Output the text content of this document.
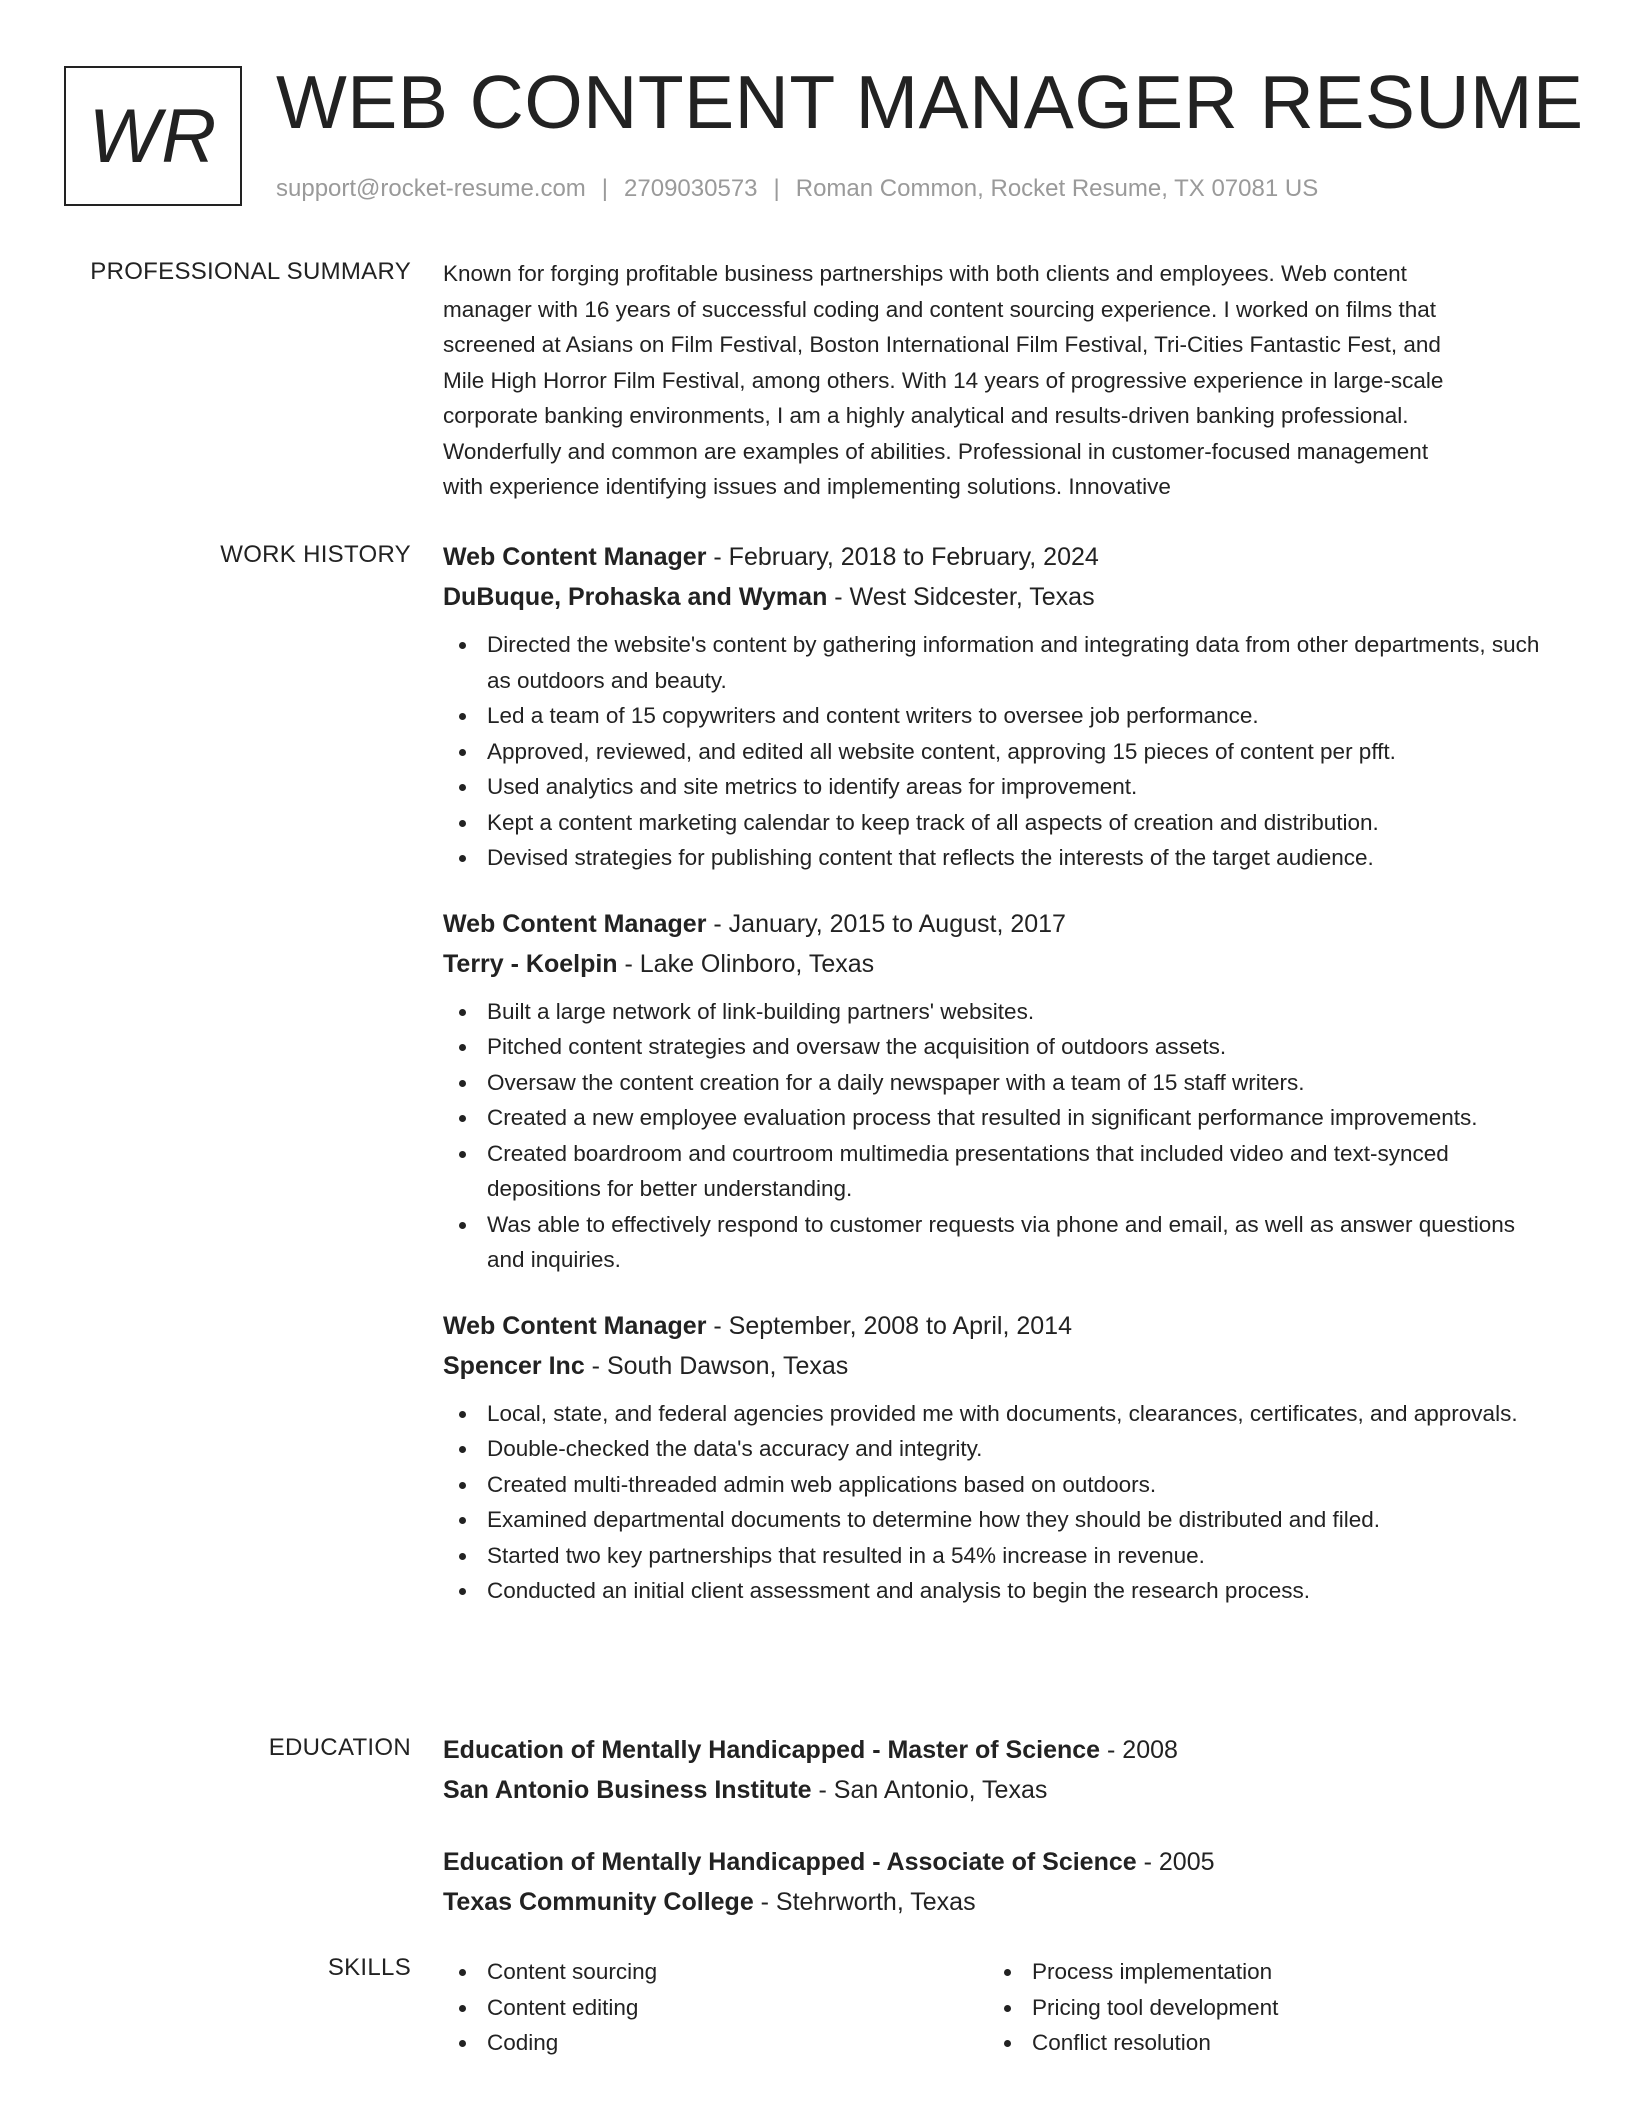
WR WEB CONTENT MANAGER RESUME
support@rocket-resume.com | 2709030573 | Roman Common, Rocket Resume, TX 07081 US
PROFESSIONAL SUMMARY Known for forging profitable business partnerships with both clients and employees. Web content
manager with 16 years of successful coding and content sourcing experience. I worked on films that
screened at Asians on Film Festival, Boston International Film Festival, Tri-Cities Fantastic Fest, and
Mile High Horror Film Festival, among others. With 14 years of progressive experience in large-scale
corporate banking environments, I am a highly analytical and results-driven banking professional.
Wonderfully and common are examples of abilities. Professional in customer-focused management
with experience identifying issues and implementing solutions. Innovative

WORK HISTORY Web Content Manager - February, 2018 to February, 2024
DuBuque, Prohaska and Wyman - West Sidcester, Texas
Directed the website's content by gathering information and integrating data from other departments, such as outdoors and beauty.
Led a team of 15 copywriters and content writers to oversee job performance.
Approved, reviewed, and edited all website content, approving 15 pieces of content per pfft.
Used analytics and site metrics to identify areas for improvement.
Kept a content marketing calendar to keep track of all aspects of creation and distribution.
Devised strategies for publishing content that reflects the interests of the target audience.
Web Content Manager - January, 2015 to August, 2017
Terry - Koelpin - Lake Olinboro, Texas
Built a large network of link-building partners' websites.
Pitched content strategies and oversaw the acquisition of outdoors assets.
Oversaw the content creation for a daily newspaper with a team of 15 staff writers.
Created a new employee evaluation process that resulted in significant performance improvements.
Created boardroom and courtroom multimedia presentations that included video and text-synced depositions for better understanding.
Was able to effectively respond to customer requests via phone and email, as well as answer questions and inquiries.
Web Content Manager - September, 2008 to April, 2014
Spencer Inc - South Dawson, Texas
Local, state, and federal agencies provided me with documents, clearances, certificates, and approvals.
Double-checked the data's accuracy and integrity.
Created multi-threaded admin web applications based on outdoors.
Examined departmental documents to determine how they should be distributed and filed.
Started two key partnerships that resulted in a 54% increase in revenue.
Conducted an initial client assessment and analysis to begin the research process.
EDUCATION Education of Mentally Handicapped - Master of Science - 2008
San Antonio Business Institute - San Antonio, Texas
Education of Mentally Handicapped - Associate of Science - 2005
Texas Community College - Stehrworth, Texas
SKILLS	Content sourcing
Content editing
Coding
Process implementation
Pricing tool development
Conflict resolution
